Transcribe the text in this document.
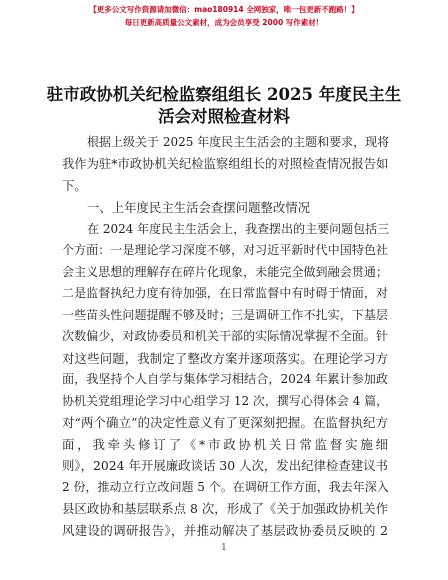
【更多公文写作资源请加微信：mao180914 全网独家，唯一包更新不跑路！】
每日更新高质量公文素材，成为会员享受 2000 写作素材！
驻市政协机关纪检监察组组长 2025 年度民主生
活会对照检查材料
根据上级关于 2025 年度民主生活会的主题和要求，现将
我作为驻*市政协机关纪检监察组组长的对照检查情况报告如
下。
一、上年度民主生活会查摆问题整改情况
在 2024 年度民主生活会上，我查摆出的主要问题包括三
个方面：一是理论学习深度不够，对习近平新时代中国特色社
会主义思想的理解存在碎片化现象，未能完全做到融会贯通；
二是监督执纪力度有待加强，在日常监督中有时碍于情面，对
一些苗头性问题提醒不够及时；三是调研工作不扎实，下基层
次数偏少，对政协委员和机关干部的实际情况掌握不全面。针
对这些问题，我制定了整改方案并逐项落实。在理论学习方
面，我坚持个人自学与集体学习相结合，2024 年累计参加政
协机关党组理论学习中心组学习 12 次，撰写心得体会 4 篇，
对“两个确立”的决定性意义有了更深刻把握。在监督执纪方
面，我牵头修订了《*市政协机关日常监督实施细
则》，2024 年开展廉政谈话 30 人次，发出纪律检查建议书
2 份，推动立行立改问题 5 个。在调研工作方面，我去年深入
县区政协和基层联系点 8 次，形成了《关于加强政协机关作
风建设的调研报告》，并推动解决了基层政协委员反映的 2
1
